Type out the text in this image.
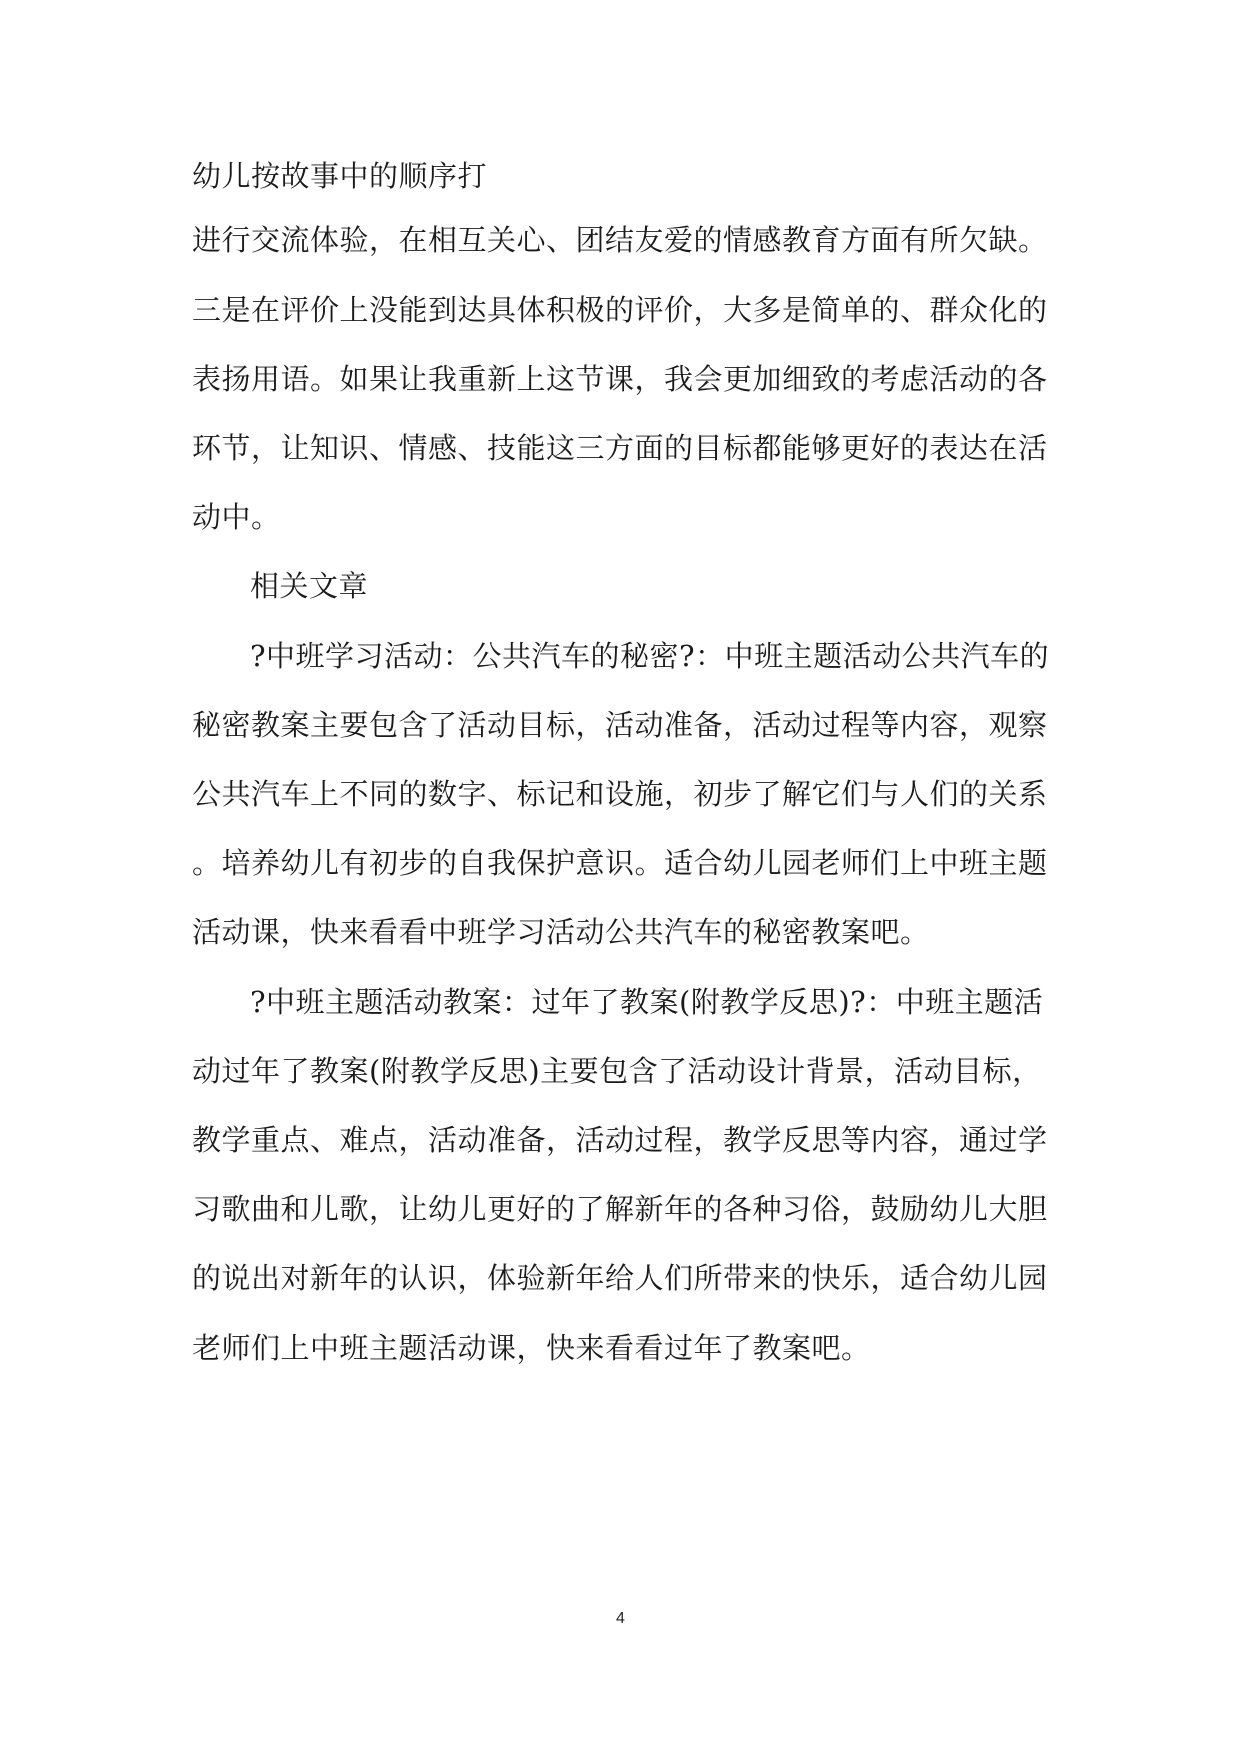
幼儿按故事中的顺序打
进行交流体验，在相互关心、团结友爱的情感教育方面有所欠缺。
三是在评价上没能到达具体积极的评价，大多是简单的、群众化的
表扬用语。如果让我重新上这节课，我会更加细致的考虑活动的各
环节，让知识、情感、技能这三方面的目标都能够更好的表达在活
动中。
相关文章
?中班学习活动：公共汽车的秘密?：中班主题活动公共汽车的
秘密教案主要包含了活动目标，活动准备，活动过程等内容，观察
公共汽车上不同的数字、标记和设施，初步了解它们与人们的关系
。培养幼儿有初步的自我保护意识。适合幼儿园老师们上中班主题
活动课，快来看看中班学习活动公共汽车的秘密教案吧。
?中班主题活动教案：过年了教案(附教学反思)?：中班主题活
动过年了教案(附教学反思)主要包含了活动设计背景，活动目标，
教学重点、难点，活动准备，活动过程，教学反思等内容，通过学
习歌曲和儿歌，让幼儿更好的了解新年的各种习俗，鼓励幼儿大胆
的说出对新年的认识，体验新年给人们所带来的快乐，适合幼儿园
老师们上中班主题活动课，快来看看过年了教案吧。
4
